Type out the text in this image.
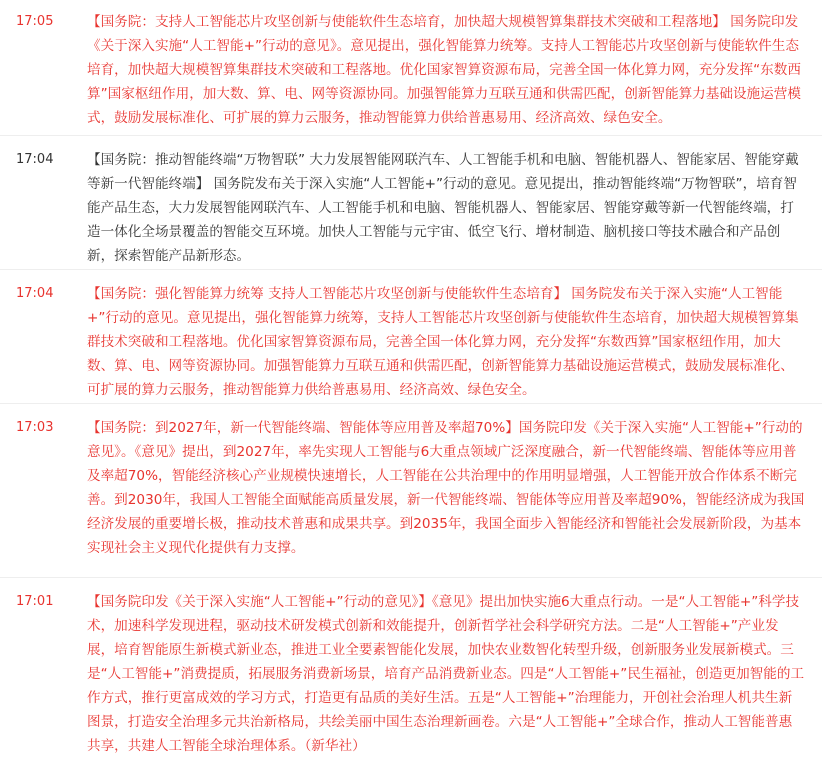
17:05 【国务院：支持人工智能芯片攻坚创新与使能软件生态培育，加快超大规模智算集群技术突破和工程落地】 国务院印发《关于深入实施“人工智能+”行动的意见》。意见提出，强化智能算力统筹。支持人工智能芯片攻坚创新与使能软件生态培育，加快超大规模智算集群技术突破和工程落地。优化国家智算资源布局，完善全国一体化算力网，充分发挥“东数西算”国家枢纽作用，加大数、算、电、网等资源协同。加强智能算力互联互通和供需匹配，创新智能算力基础设施运营模式，鼓励发展标准化、可扩展的算力云服务，推动智能算力供给普惠易用、经济高效、绿色安全。
17:04 【国务院：推动智能终端“万物智联” 大力发展智能网联汽车、人工智能手机和电脑、智能机器人、智能家居、智能穿戴等新一代智能终端】 国务院发布关于深入实施“人工智能+”行动的意见。意见提出，推动智能终端“万物智联”，培育智能产品生态，大力发展智能网联汽车、人工智能手机和电脑、智能机器人、智能家居、智能穿戴等新一代智能终端，打造一体化全场景覆盖的智能交互环境。加快人工智能与元宇宙、低空飞行、增材制造、脑机接口等技术融合和产品创新，探索智能产品新形态。
17:04 【国务院：强化智能算力统筹 支持人工智能芯片攻坚创新与使能软件生态培育】 国务院发布关于深入实施“人工智能+”行动的意见。意见提出，强化智能算力统筹，支持人工智能芯片攻坚创新与使能软件生态培育，加快超大规模智算集群技术突破和工程落地。优化国家智算资源布局，完善全国一体化算力网，充分发挥“东数西算”国家枢纽作用，加大数、算、电、网等资源协同。加强智能算力互联互通和供需匹配，创新智能算力基础设施运营模式，鼓励发展标准化、可扩展的算力云服务，推动智能算力供给普惠易用、经济高效、绿色安全。
17:03 【国务院：到2027年，新一代智能终端、智能体等应用普及率超70%】国务院印发《关于深入实施“人工智能+”行动的意见》。《意见》提出，到2027年，率先实现人工智能与6大重点领域广泛深度融合，新一代智能终端、智能体等应用普及率超70%，智能经济核心产业规模快速增长，人工智能在公共治理中的作用明显增强，人工智能开放合作体系不断完善。到2030年，我国人工智能全面赋能高质量发展，新一代智能终端、智能体等应用普及率超90%，智能经济成为我国经济发展的重要增长极，推动技术普惠和成果共享。到2035年，我国全面步入智能经济和智能社会发展新阶段，为基本实现社会主义现代化提供有力支撑。
17:01 【国务院印发《关于深入实施“人工智能+”行动的意见》】《意见》提出加快实施6大重点行动。一是“人工智能+”科学技术，加速科学发现进程，驱动技术研发模式创新和效能提升，创新哲学社会科学研究方法。二是“人工智能+”产业发展，培育智能原生新模式新业态，推进工业全要素智能化发展，加快农业数智化转型升级，创新服务业发展新模式。三是“人工智能+”消费提质，拓展服务消费新场景，培育产品消费新业态。四是“人工智能+”民生福祉，创造更加智能的工作方式，推行更富成效的学习方式，打造更有品质的美好生活。五是“人工智能+”治理能力，开创社会治理人机共生新图景，打造安全治理多元共治新格局，共绘美丽中国生态治理新画卷。六是“人工智能+”全球合作，推动人工智能普惠共享，共建人工智能全球治理体系。（新华社）
